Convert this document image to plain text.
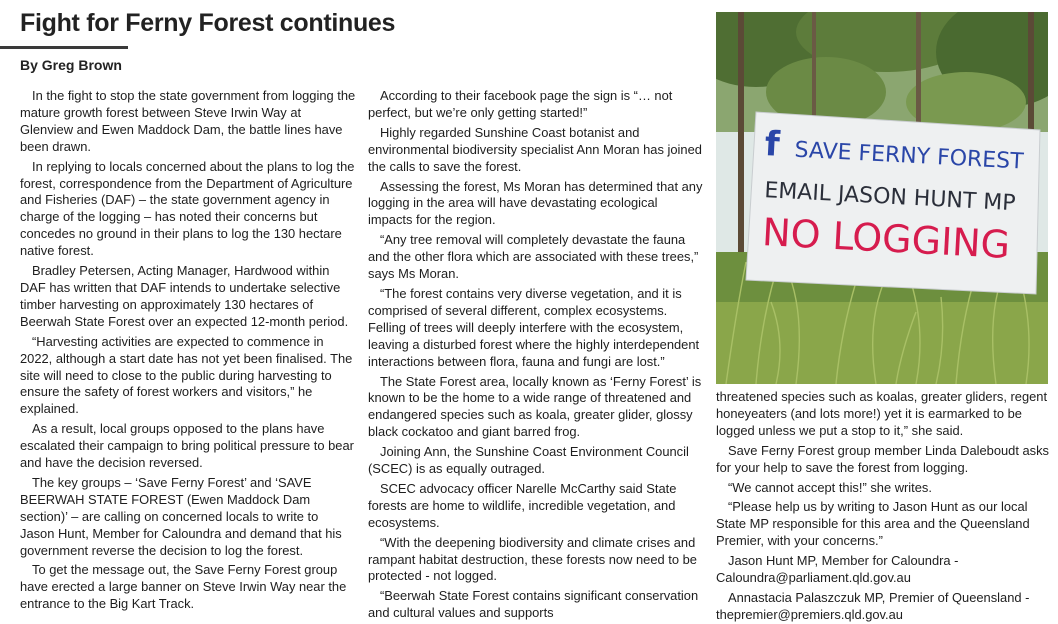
Fight for Ferny Forest continues
By Greg Brown

In the fight to stop the state government from logging the mature growth forest between Steve Irwin Way at Glenview and Ewen Maddock Dam, the battle lines have been drawn.

In replying to locals concerned about the plans to log the forest, correspondence from the Department of Agriculture and Fisheries (DAF) – the state government agency in charge of the logging – has noted their concerns but concedes no ground in their plans to log the 130 hectare native forest.

Bradley Petersen, Acting Manager, Hardwood within DAF has written that DAF intends to undertake selective timber harvesting on approximately 130 hectares of Beerwah State Forest over an expected 12-month period.

“Harvesting activities are expected to commence in 2022, although a start date has not yet been finalised. The site will need to close to the public during harvesting to ensure the safety of forest workers and visitors,” he explained.

As a result, local groups opposed to the plans have escalated their campaign to bring political pressure to bear and have the decision reversed.

The key groups – ‘Save Ferny Forest’ and ‘SAVE BEERWAH STATE FOREST (Ewen Maddock Dam section)’ – are calling on concerned locals to write to Jason Hunt, Member for Caloundra and demand that his government reverse the decision to log the forest.

To get the message out, the Save Ferny Forest group have erected a large banner on Steve Irwin Way near the entrance to the Big Kart Track.

According to their facebook page the sign is “… not perfect, but we’re only getting started!”

Highly regarded Sunshine Coast botanist and environmental biodiversity specialist Ann Moran has joined the calls to save the forest.

Assessing the forest, Ms Moran has determined that any logging in the area will have devastating ecological impacts for the region.

“Any tree removal will completely devastate the fauna and the other flora which are associated with these trees,” says Ms Moran.

“The forest contains very diverse vegetation, and it is comprised of several different, complex ecosystems. Felling of trees will deeply interfere with the ecosystem, leaving a disturbed forest where the highly interdependent interactions between flora, fauna and fungi are lost.”

The State Forest area, locally known as ‘Ferny Forest’ is known to be the home to a wide range of threatened and endangered species such as koala, greater glider, glossy black cockatoo and giant barred frog.

Joining Ann, the Sunshine Coast Environment Council (SCEC) is as equally outraged.

SCEC advocacy officer Narelle McCarthy said State forests are home to wildlife, incredible vegetation, and ecosystems.

“With the deepening biodiversity and climate crises and rampant habitat destruction, these forests now need to be protected - not logged.

“Beerwah State Forest contains significant conservation and cultural values and supports

f SAVE FERNY FOREST
EMAIL JASON HUNT MP
NO LOGGING

threatened species such as koalas, greater gliders, regent honeyeaters (and lots more!) yet it is earmarked to be logged unless we put a stop to it,” she said.

Save Ferny Forest group member Linda Daleboudt asks for your help to save the forest from logging.

“We cannot accept this!” she writes.

“Please help us by writing to Jason Hunt as our local State MP responsible for this area and the Queensland Premier, with your concerns.”

Jason Hunt MP, Member for Caloundra - Caloundra@parliament.qld.gov.au

Annastacia Palaszczuk MP, Premier of Queensland - thepremier@premiers.qld.gov.au
